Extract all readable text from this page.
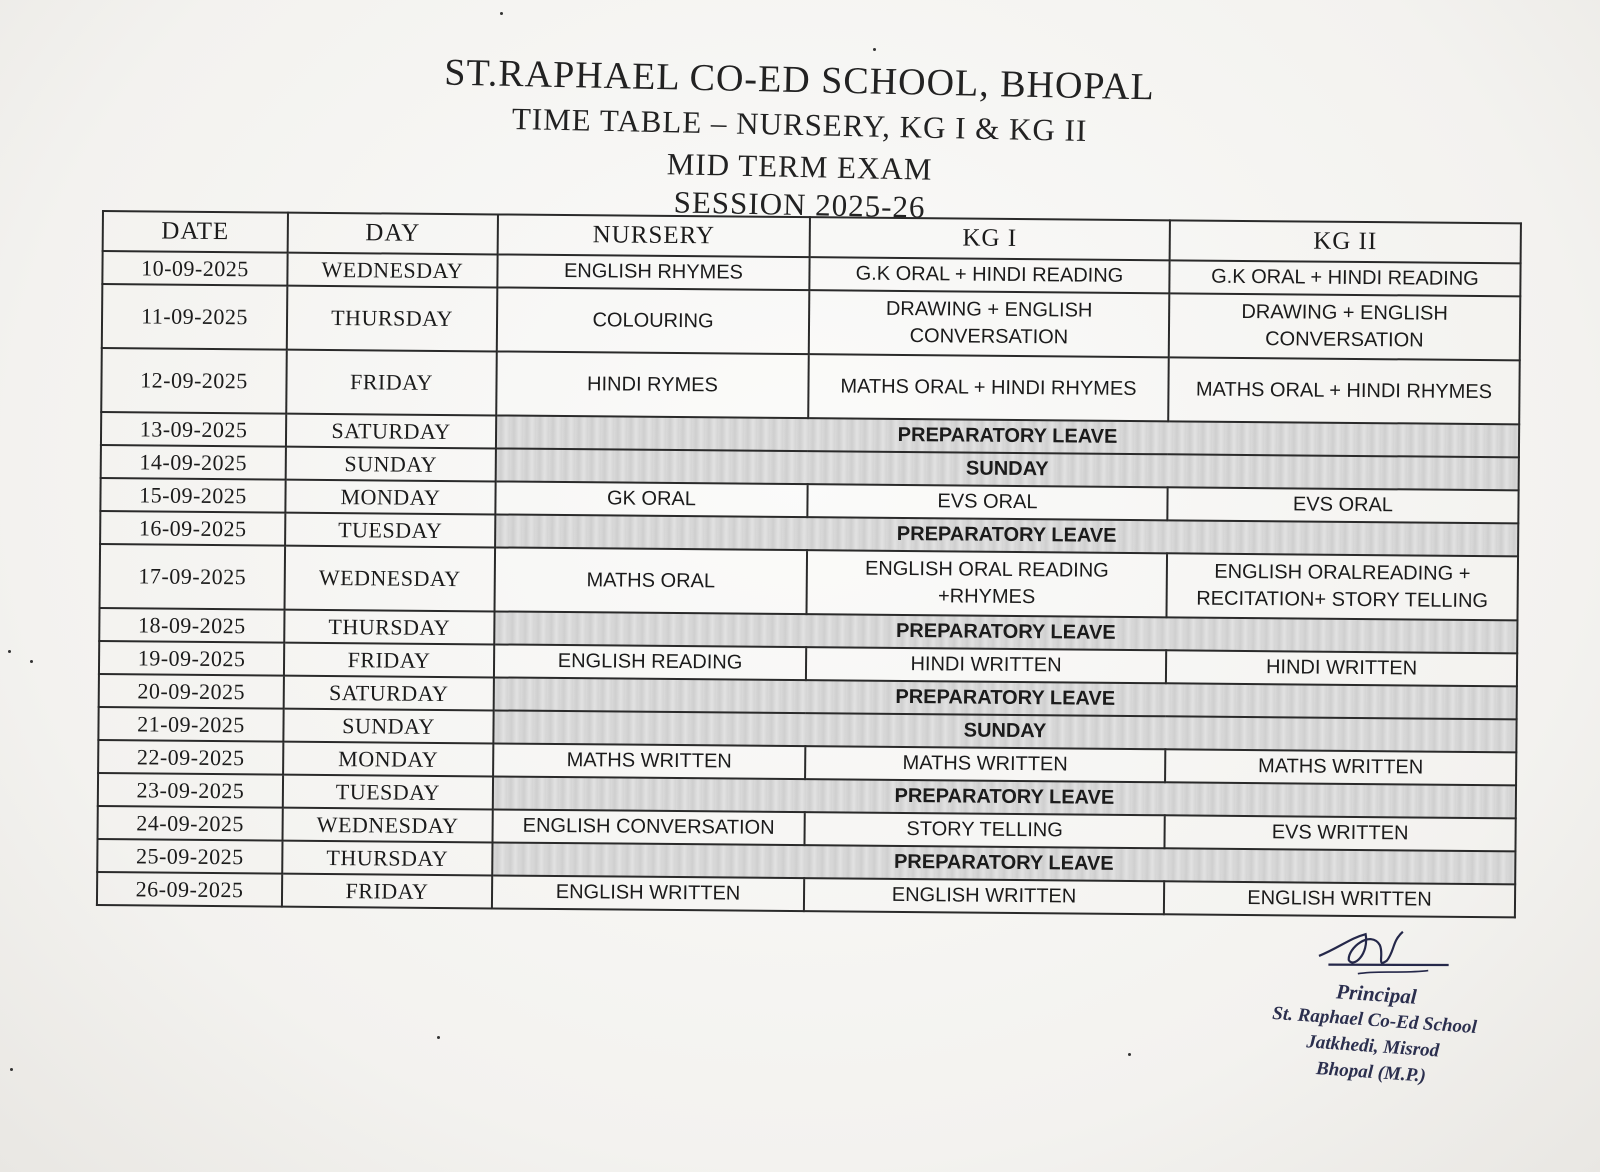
ST.RAPHAEL CO-ED SCHOOL, BHOPAL
TIME TABLE – NURSERY, KG I & KG II
MID TERM EXAM
SESSION 2025-26
DATE	DAY	NURSERY	KG I	KG II
10-09-2025	WEDNESDAY	ENGLISH RHYMES	G.K ORAL + HINDI READING	G.K ORAL + HINDI READING
11-09-2025	THURSDAY	COLOURING	DRAWING + ENGLISH CONVERSATION	DRAWING + ENGLISH CONVERSATION
12-09-2025	FRIDAY	HINDI RYMES	MATHS ORAL + HINDI RHYMES	MATHS ORAL + HINDI RHYMES
13-09-2025	SATURDAY	PREPARATORY LEAVE		
14-09-2025	SUNDAY	SUNDAY		
15-09-2025	MONDAY	GK ORAL	EVS ORAL	EVS ORAL
16-09-2025	TUESDAY	PREPARATORY LEAVE		
17-09-2025	WEDNESDAY	MATHS ORAL	ENGLISH ORAL READING +RHYMES	ENGLISH ORALREADING + RECITATION+ STORY TELLING
18-09-2025	THURSDAY	PREPARATORY LEAVE		
19-09-2025	FRIDAY	ENGLISH READING	HINDI WRITTEN	HINDI WRITTEN
20-09-2025	SATURDAY	PREPARATORY LEAVE		
21-09-2025	SUNDAY	SUNDAY		
22-09-2025	MONDAY	MATHS WRITTEN	MATHS WRITTEN	MATHS WRITTEN
23-09-2025	TUESDAY	PREPARATORY LEAVE		
24-09-2025	WEDNESDAY	ENGLISH CONVERSATION	STORY TELLING	EVS WRITTEN
25-09-2025	THURSDAY	PREPARATORY LEAVE		
26-09-2025	FRIDAY	ENGLISH WRITTEN	ENGLISH WRITTEN	ENGLISH WRITTEN
Principal
St. Raphael Co-Ed School
Jatkhedi, Misrod
Bhopal (M.P.)
